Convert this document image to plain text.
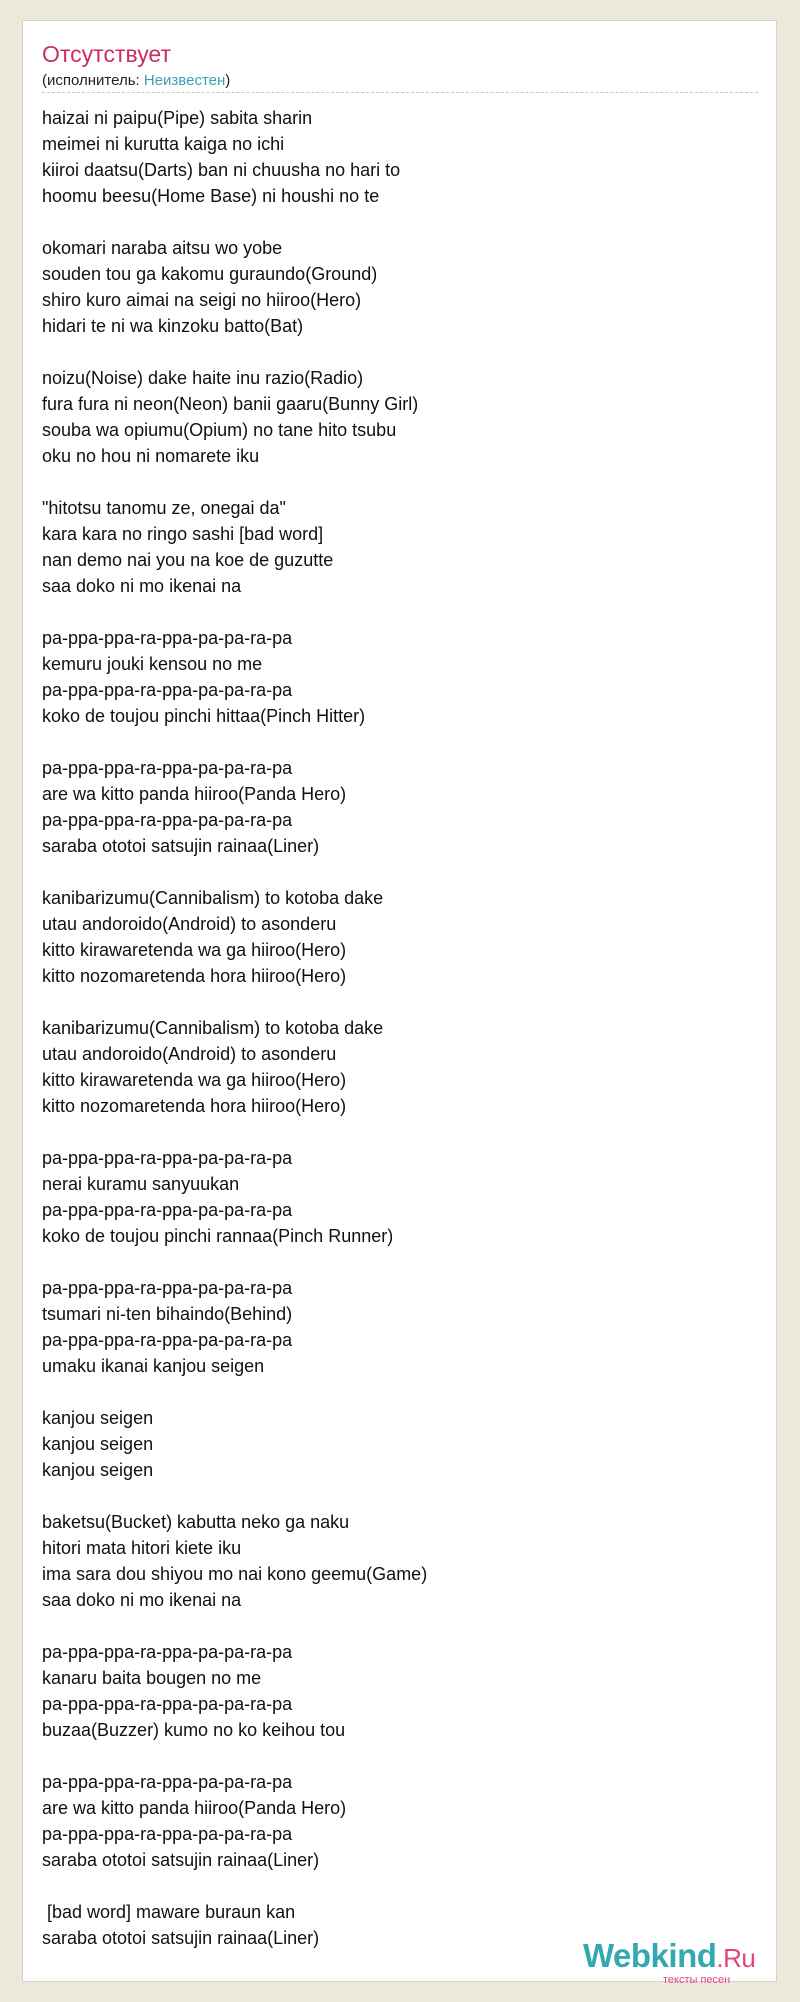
Отсутствует
(исполнитель: Неизвестен)
haizai ni paipu(Pipe) sabita sharin
meimei ni kurutta kaiga no ichi
kiiroi daatsu(Darts) ban ni chuusha no hari to
hoomu beesu(Home Base) ni houshi no te
okomari naraba aitsu wo yobe
souden tou ga kakomu guraundo(Ground)
shiro kuro aimai na seigi no hiiroo(Hero)
hidari te ni wa kinzoku batto(Bat)
noizu(Noise) dake haite inu razio(Radio)
fura fura ni neon(Neon) banii gaaru(Bunny Girl)
souba wa opiumu(Opium) no tane hito tsubu
oku no hou ni nomarete iku
"hitotsu tanomu ze, onegai da"
kara kara no ringo sashi [bad word]
nan demo nai you na koe de guzutte
saa doko ni mo ikenai na
pa-ppa-ppa-ra-ppa-pa-pa-ra-pa
kemuru jouki kensou no me
pa-ppa-ppa-ra-ppa-pa-pa-ra-pa
koko de toujou pinchi hittaa(Pinch Hitter)
pa-ppa-ppa-ra-ppa-pa-pa-ra-pa
are wa kitto panda hiiroo(Panda Hero)
pa-ppa-ppa-ra-ppa-pa-pa-ra-pa
saraba ototoi satsujin rainaa(Liner)
kanibarizumu(Cannibalism) to kotoba dake
utau andoroido(Android) to asonderu
kitto kirawaretenda wa ga hiiroo(Hero)
kitto nozomaretenda hora hiiroo(Hero)
kanibarizumu(Cannibalism) to kotoba dake
utau andoroido(Android) to asonderu
kitto kirawaretenda wa ga hiiroo(Hero)
kitto nozomaretenda hora hiiroo(Hero)
pa-ppa-ppa-ra-ppa-pa-pa-ra-pa
nerai kuramu sanyuukan
pa-ppa-ppa-ra-ppa-pa-pa-ra-pa
koko de toujou pinchi rannaa(Pinch Runner)
pa-ppa-ppa-ra-ppa-pa-pa-ra-pa
tsumari ni-ten bihaindo(Behind)
pa-ppa-ppa-ra-ppa-pa-pa-ra-pa
umaku ikanai kanjou seigen
kanjou seigen
kanjou seigen
kanjou seigen
baketsu(Bucket) kabutta neko ga naku
hitori mata hitori kiete iku
ima sara dou shiyou mo nai kono geemu(Game)
saa doko ni mo ikenai na
pa-ppa-ppa-ra-ppa-pa-pa-ra-pa
kanaru baita bougen no me
pa-ppa-ppa-ra-ppa-pa-pa-ra-pa
buzaa(Buzzer) kumo no ko keihou tou
pa-ppa-ppa-ra-ppa-pa-pa-ra-pa
are wa kitto panda hiiroo(Panda Hero)
pa-ppa-ppa-ra-ppa-pa-pa-ra-pa
saraba ototoi satsujin rainaa(Liner)
[bad word] maware buraun kan
saraba ototoi satsujin rainaa(Liner)	Webkind.Ru
тексты песен
